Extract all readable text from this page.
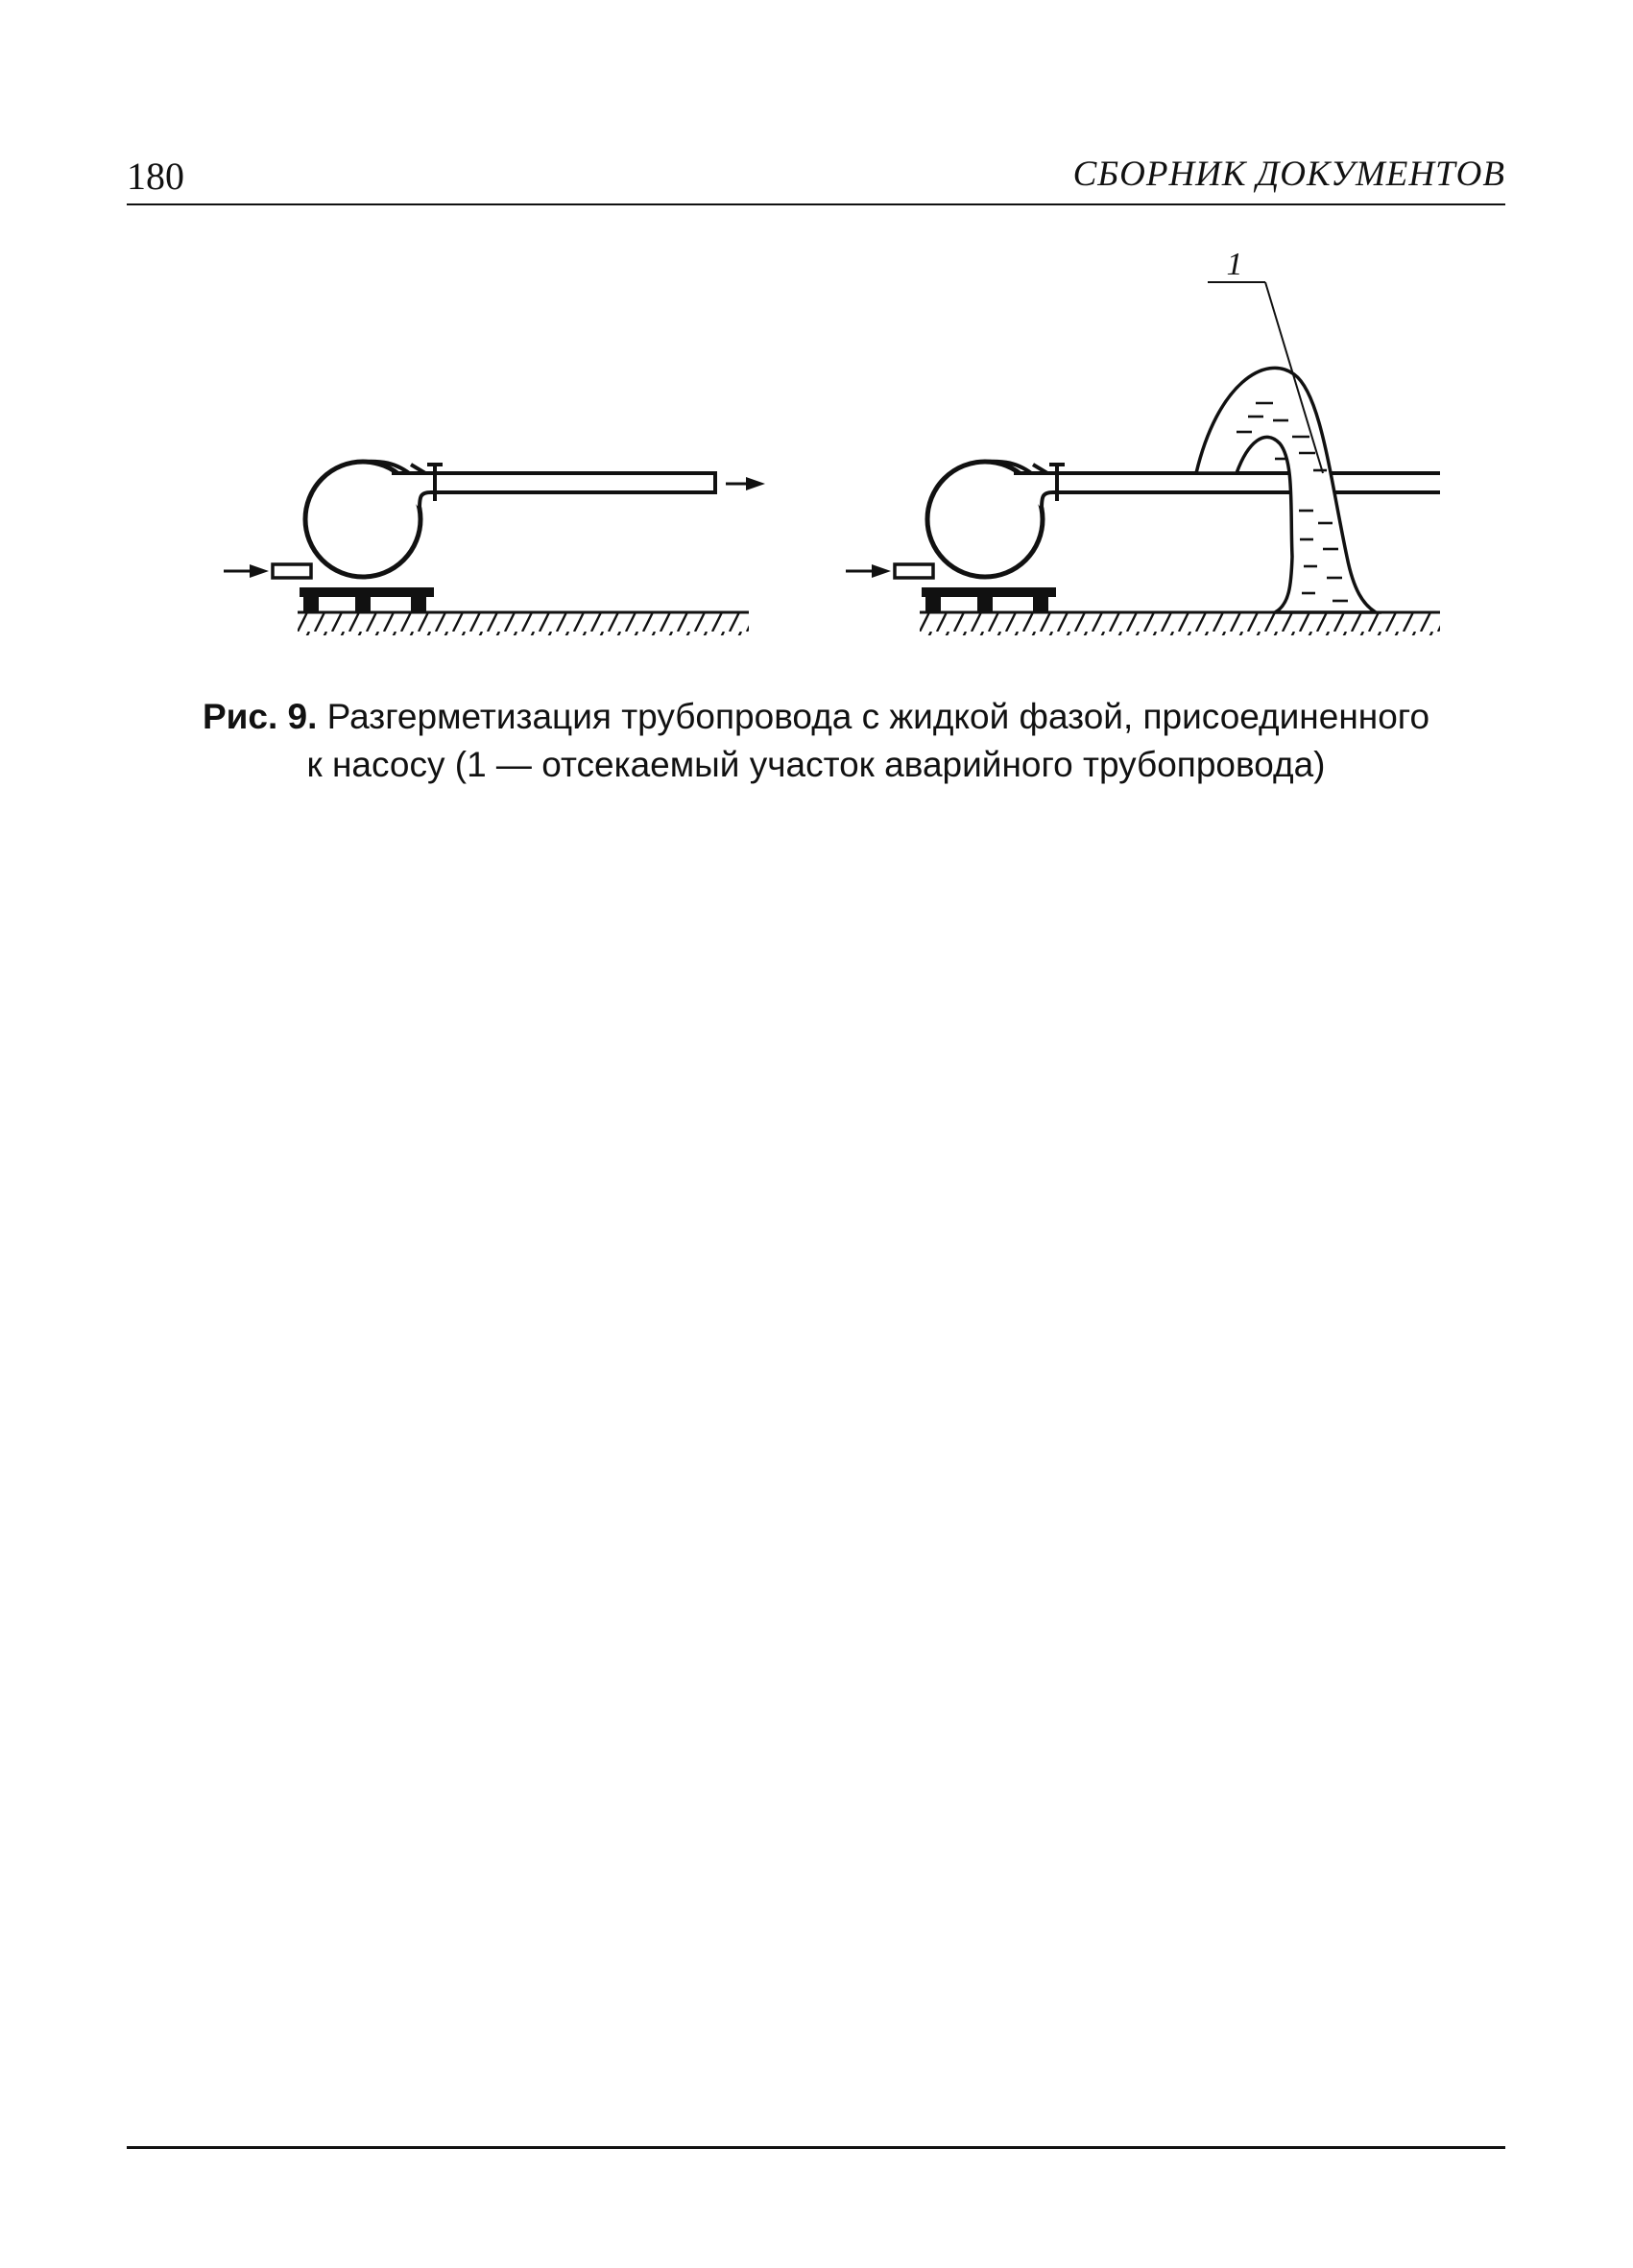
180	СБОРНИК ДОКУМЕНТОВ
1
Рис. 9. Разгерметизация трубопровода с жидкой фазой, присоединенного
к насосу (1 — отсекаемый участок аварийного трубопровода)
